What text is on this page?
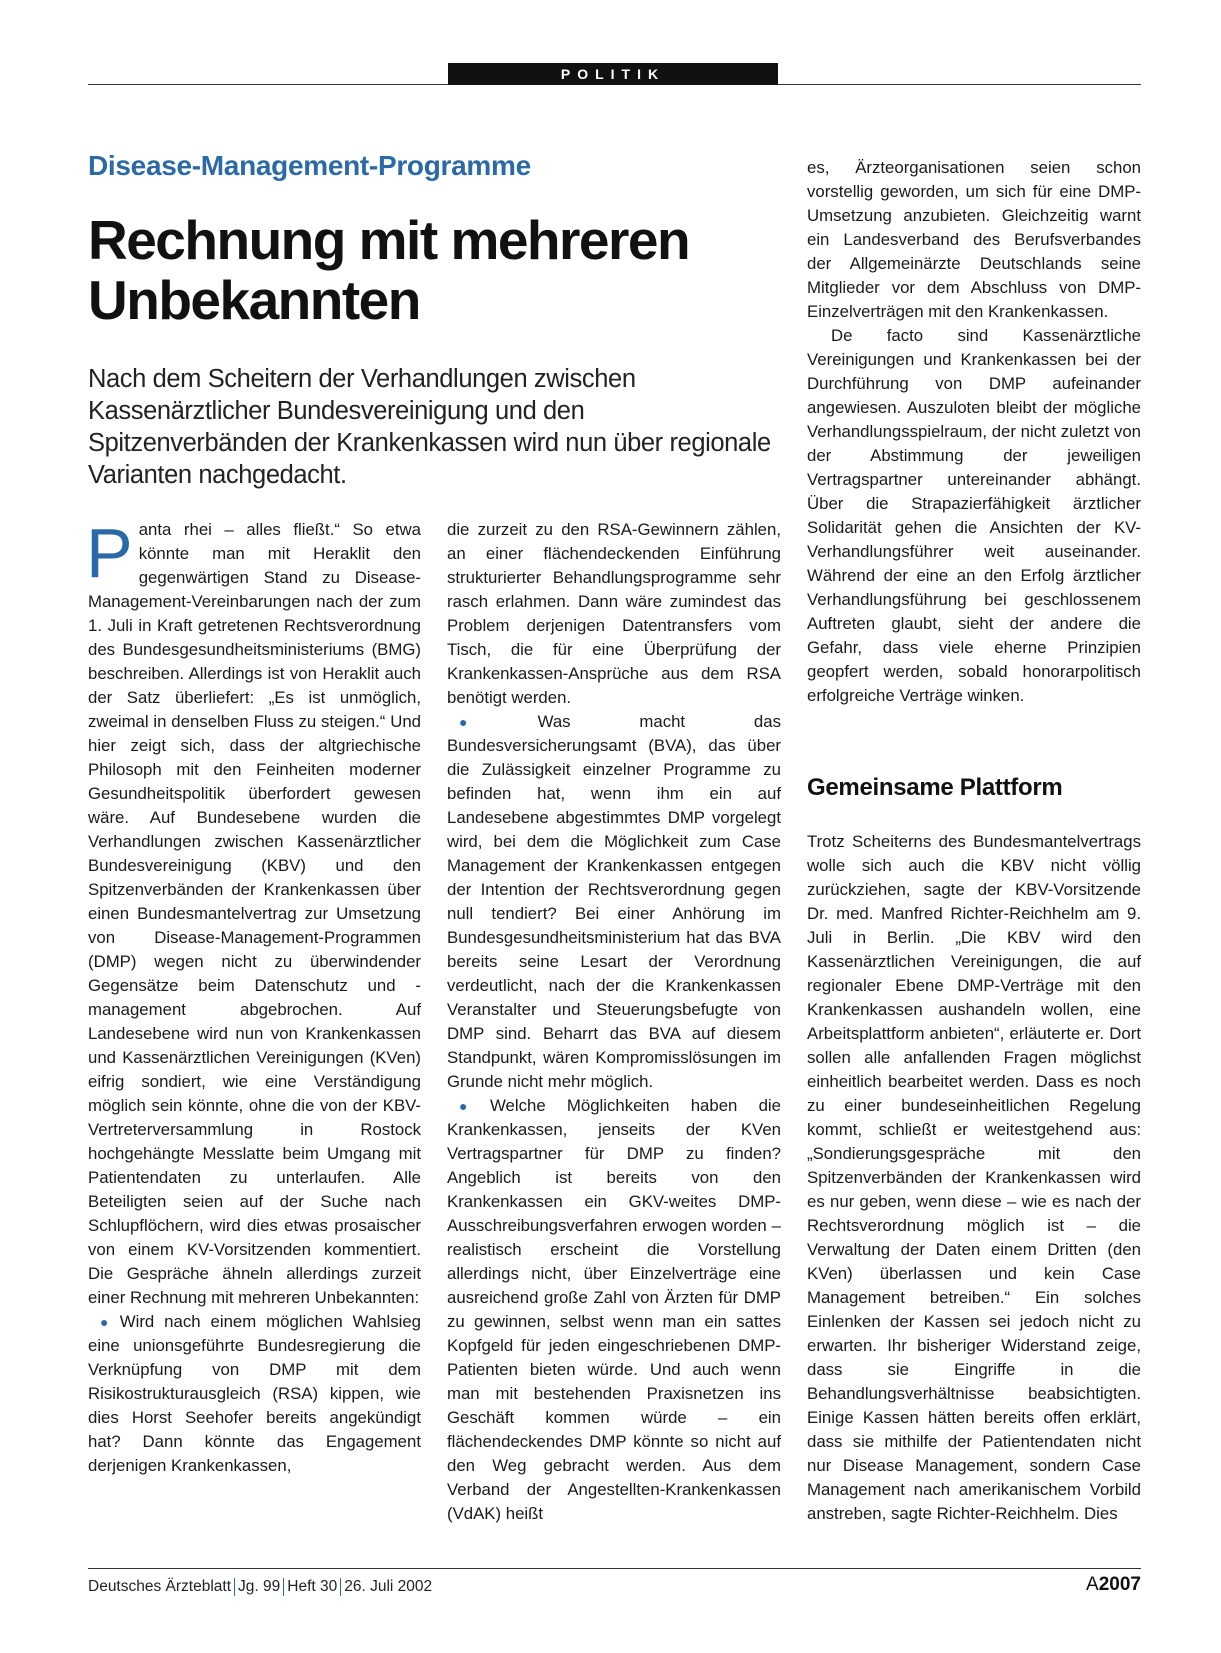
POLITIK
Disease-Management-Programme
Rechnung mit mehreren Unbekannten

Nach dem Scheitern der Verhandlungen zwischen Kassenärztlicher Bundesvereinigung und den Spitzenverbänden der Krankenkassen wird nun über regionale Varianten nachgedacht.

Panta rhei – alles fließt.“ So etwa könnte man mit Heraklit den gegenwärtigen Stand zu Disease-Management-Vereinbarungen nach der zum 1. Juli in Kraft getretenen Rechtsverordnung des Bundesgesundheitsministeriums (BMG) beschreiben. Allerdings ist von Heraklit auch der Satz überliefert: „Es ist unmöglich, zweimal in denselben Fluss zu steigen.“ Und hier zeigt sich, dass der altgriechische Philosoph mit den Feinheiten moderner Gesundheitspolitik überfordert gewesen wäre. Auf Bundesebene wurden die Verhandlungen zwischen Kassenärztlicher Bundesvereinigung (KBV) und den Spitzenverbänden der Krankenkassen über einen Bundesmantelvertrag zur Umsetzung von Disease-Management-Programmen (DMP) wegen nicht zu überwindender Gegensätze beim Datenschutz und -management abgebrochen. Auf Landesebene wird nun von Krankenkassen und Kassenärztlichen Vereinigungen (KVen) eifrig sondiert, wie eine Verständigung möglich sein könnte, ohne die von der KBV-Vertreterversammlung in Rostock hochgehängte Messlatte beim Umgang mit Patientendaten zu unterlaufen. Alle Beteiligten seien auf der Suche nach Schlupflöchern, wird dies etwas prosaischer von einem KV-Vorsitzenden kommentiert. Die Gespräche ähneln allerdings zurzeit einer Rechnung mit mehreren Unbekannten:

● Wird nach einem möglichen Wahlsieg eine unionsgeführte Bundesregierung die Verknüpfung von DMP mit dem Risikostrukturausgleich (RSA) kippen, wie dies Horst Seehofer bereits angekündigt hat? Dann könnte das Engagement derjenigen Krankenkassen,

die zurzeit zu den RSA-Gewinnern zählen, an einer flächendeckenden Einführung strukturierter Behandlungsprogramme sehr rasch erlahmen. Dann wäre zumindest das Problem derjenigen Datentransfers vom Tisch, die für eine Überprüfung der Krankenkassen-Ansprüche aus dem RSA benötigt werden.

● Was macht das Bundesversicherungsamt (BVA), das über die Zulässigkeit einzelner Programme zu befinden hat, wenn ihm ein auf Landesebene abgestimmtes DMP vorgelegt wird, bei dem die Möglichkeit zum Case Management der Krankenkassen entgegen der Intention der Rechtsverordnung gegen null tendiert? Bei einer Anhörung im Bundesgesundheitsministerium hat das BVA bereits seine Lesart der Verordnung verdeutlicht, nach der die Krankenkassen Veranstalter und Steuerungsbefugte von DMP sind. Beharrt das BVA auf diesem Standpunkt, wären Kompromisslösungen im Grunde nicht mehr möglich.

● Welche Möglichkeiten haben die Krankenkassen, jenseits der KVen Vertragspartner für DMP zu finden? Angeblich ist bereits von den Krankenkassen ein GKV-weites DMP-Ausschreibungsverfahren erwogen worden – realistisch erscheint die Vorstellung allerdings nicht, über Einzelverträge eine ausreichend große Zahl von Ärzten für DMP zu gewinnen, selbst wenn man ein sattes Kopfgeld für jeden eingeschriebenen DMP-Patienten bieten würde. Und auch wenn man mit bestehenden Praxisnetzen ins Geschäft kommen würde – ein flächendeckendes DMP könnte so nicht auf den Weg gebracht werden. Aus dem Verband der Angestellten-Krankenkassen (VdAK) heißt

es, Ärzteorganisationen seien schon vorstellig geworden, um sich für eine DMP-Umsetzung anzubieten. Gleichzeitig warnt ein Landesverband des Berufsverbandes der Allgemeinärzte Deutschlands seine Mitglieder vor dem Abschluss von DMP-Einzelverträgen mit den Krankenkassen.

De facto sind Kassenärztliche Vereinigungen und Krankenkassen bei der Durchführung von DMP aufeinander angewiesen. Auszuloten bleibt der mögliche Verhandlungsspielraum, der nicht zuletzt von der Abstimmung der jeweiligen Vertragspartner untereinander abhängt. Über die Strapazierfähigkeit ärztlicher Solidarität gehen die Ansichten der KV-Verhandlungsführer weit auseinander. Während der eine an den Erfolg ärztlicher Verhandlungsführung bei geschlossenem Auftreten glaubt, sieht der andere die Gefahr, dass viele eherne Prinzipien geopfert werden, sobald honorarpolitisch erfolgreiche Verträge winken.

Gemeinsame Plattform

Trotz Scheiterns des Bundesmantelvertrags wolle sich auch die KBV nicht völlig zurückziehen, sagte der KBV-Vorsitzende Dr. med. Manfred Richter-Reichhelm am 9. Juli in Berlin. „Die KBV wird den Kassenärztlichen Vereinigungen, die auf regionaler Ebene DMP-Verträge mit den Krankenkassen aushandeln wollen, eine Arbeitsplattform anbieten“, erläuterte er. Dort sollen alle anfallenden Fragen möglichst einheitlich bearbeitet werden. Dass es noch zu einer bundeseinheitlichen Regelung kommt, schließt er weitestgehend aus: „Sondierungsgespräche mit den Spitzenverbänden der Krankenkassen wird es nur geben, wenn diese – wie es nach der Rechtsverordnung möglich ist – die Verwaltung der Daten einem Dritten (den KVen) überlassen und kein Case Management betreiben.“ Ein solches Einlenken der Kassen sei jedoch nicht zu erwarten. Ihr bisheriger Widerstand zeige, dass sie Eingriffe in die Behandlungsverhältnisse beabsichtigten. Einige Kassen hätten bereits offen erklärt, dass sie mithilfe der Patientendaten nicht nur Disease Management, sondern Case Management nach amerikanischem Vorbild anstreben, sagte Richter-Reichhelm. Dies

Deutsches Ärzteblatt Jg. 99 Heft 30 26. Juli 2002	A2007
